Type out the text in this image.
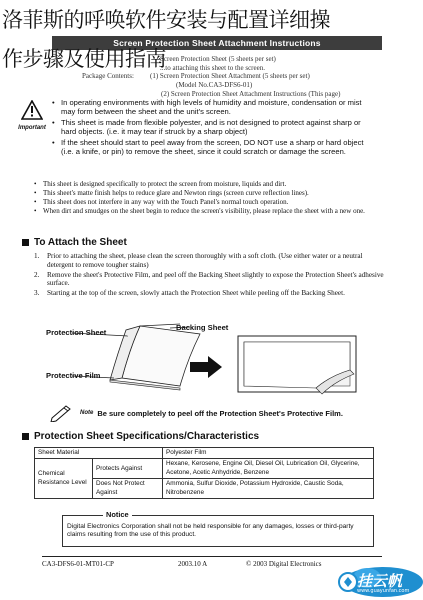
Screen Protection Sheet Attachment Instructions
Screen Protection Sheet (5 sheets per set)
...to attaching this sheet to the screen.
Package Contents: (1) Screen Protection Sheet Attachment (5 sheets per set)
(Model No.CA3-DFS6-01)
(2) Screen Protection Sheet Attachment Instructions (This page)
洛菲斯的呼唤软件安装与配置详细操
作步骤及使用指南
Important
• In operating environments with high levels of humidity and moisture, condensation or mist may form between the sheet and the unit's screen.
• This sheet is made from flexible polyester, and is not designed to protect against sharp or hard objects. (i.e. it may tear if struck by a sharp object)
• If the sheet should start to peel away from the screen, DO NOT use a sharp or hard object (i.e. a knife, or pin) to remove the sheet, since it could scratch or damage the screen.
• This sheet is designed specifically to protect the screen from moisture, liquids and dirt.
• This sheet's matte finish helps to reduce glare and Newton rings (screen curve reflection lines).
• This sheet does not interfere in any way with the Touch Panel's normal touch operation.
• When dirt and smudges on the sheet begin to reduce the screen's visibility, please replace the sheet with a new one.
To Attach the Sheet
1.	Prior to attaching the sheet, please clean the screen thoroughly with a soft cloth. (Use either water or a neutral detergent to remove tougher stains)
2.	Remove the sheet's Protective Film, and peel off the Backing Sheet slightly to expose the Protection Sheet's adhesive surface.
3.	Starting at the top of the screen, slowly attach the Protection Sheet while peeling off the Backing Sheet.
Protection Sheet
Backing Sheet
Protective Film
Note Be sure completely to peel off the Protection Sheet's Protective Film.
Protection Sheet Specifications/Characteristics
Sheet Material		Polyester Film
Chemical Resistance Level	Protects Against	Hexane, Kerosene, Engine Oil, Diesel Oil, Lubrication Oil, Glycerine, Acetone, Acetic Anhydride, Benzene
	Does Not Protect Against	Ammonia, Sulfur Dioxide, Potassium Hydroxide, Caustic Soda, Nitrobenzene
Notice
Digital Electronics Corporation shall not be held responsible for any damages, losses or third-party claims resulting from the use of this product.
CA3-DFS6-01-MT01-CP	2003.10 A	© 2003 Digital Electronics
挂云帆
www.guayunfan.com
